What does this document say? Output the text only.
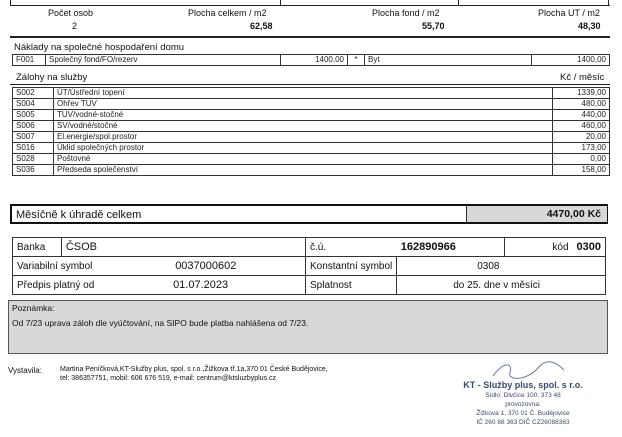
Počet osob	Plocha celkem / m2	Plocha fond / m2	Plocha UT / m2
2	62,58	55,70	48,30
Náklady na společné hospodaření domu
F001	Společný fond/FO/rezerv	1400,00	*	Byt	1400,00
Zálohy na služby	Kč / měsíc
S002	ÚT/Ústřední topení	1339,00
S004	Ohřev TUV	480,00
S005	TUV/vodné-stočné	440,00
S006	SV/vodné/stočné	460,00
S007	El.energie/spol.prostor	20,00
S016	Úklid společných prostor	173,00
S028	Poštovné	0,00
S036	Předseda společenství	158,00
Měsíčně k úhradě celkem	4470,00 Kč
Banka	ČSOB	č.ú.	162890966	kód	0300
Variabilní symbol 0037000602		Konstantní symbol	0308		
Předpis platný od 01.07.2023		Splatnost	do 25. dne v měsíci		
Poznámka:
Od 7/23 uprava záloh dle vyúčtování, na SIPO bude platba nahlášena od 7/23.
Vystavila:	Martina Peníčková,KT-Služby plus, spol. s r.o.,Žižkova tř.1a,370 01 České Budějovice,
tel: 386357751, mobil: 606 676 519, e-mail: centrum@ktsluzbyplus.cz
KT - Služby plus, spol. s r.o.
Sídlo: Dlvčice 100, 373 48
provozovna:
Žižkova 1, 370 01 Č. Budějovice
IČ 260 88 363 DIČ CZ26088363
